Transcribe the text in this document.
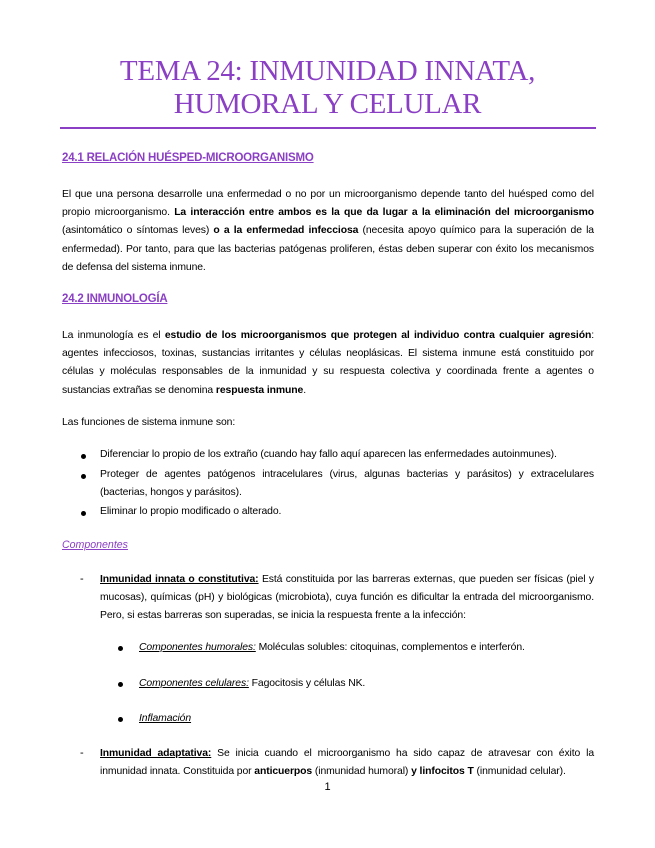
TEMA 24: INMUNIDAD INNATA,
HUMORAL Y CELULAR
24.1 RELACIÓN HUÉSPED-MICROORGANISMO
El que una persona desarrolle una enfermedad o no por un microorganismo depende tanto del huésped como del propio microorganismo. La interacción entre ambos es la que da lugar a la eliminación del microorganismo (asintomático o síntomas leves) o a la enfermedad infecciosa (necesita apoyo químico para la superación de la enfermedad). Por tanto, para que las bacterias patógenas proliferen, éstas deben superar con éxito los mecanismos de defensa del sistema inmune.
24.2 INMUNOLOGÍA
La inmunología es el estudio de los microorganismos que protegen al individuo contra cualquier agresión: agentes infecciosos, toxinas, sustancias irritantes y células neoplásicas. El sistema inmune está constituido por células y moléculas responsables de la inmunidad y su respuesta colectiva y coordinada frente a agentes o sustancias extrañas se denomina respuesta inmune.
Las funciones de sistema inmune son:
Diferenciar lo propio de los extraño (cuando hay fallo aquí aparecen las enfermedades autoinmunes).
Proteger de agentes patógenos intracelulares (virus, algunas bacterias y parásitos) y extracelulares (bacterias, hongos y parásitos).
Eliminar lo propio modificado o alterado.
Componentes
- Inmunidad innata o constitutiva: Está constituida por las barreras externas, que pueden ser físicas (piel y mucosas), químicas (pH) y biológicas (microbiota), cuya función es dificultar la entrada del microorganismo. Pero, si estas barreras son superadas, se inicia la respuesta frente a la infección:
Componentes humorales: Moléculas solubles: citoquinas, complementos e interferón.
Componentes celulares: Fagocitosis y células NK.
Inflamación
- Inmunidad adaptativa: Se inicia cuando el microorganismo ha sido capaz de atravesar con éxito la inmunidad innata. Constituida por anticuerpos (inmunidad humoral) y linfocitos T (inmunidad celular).
1
